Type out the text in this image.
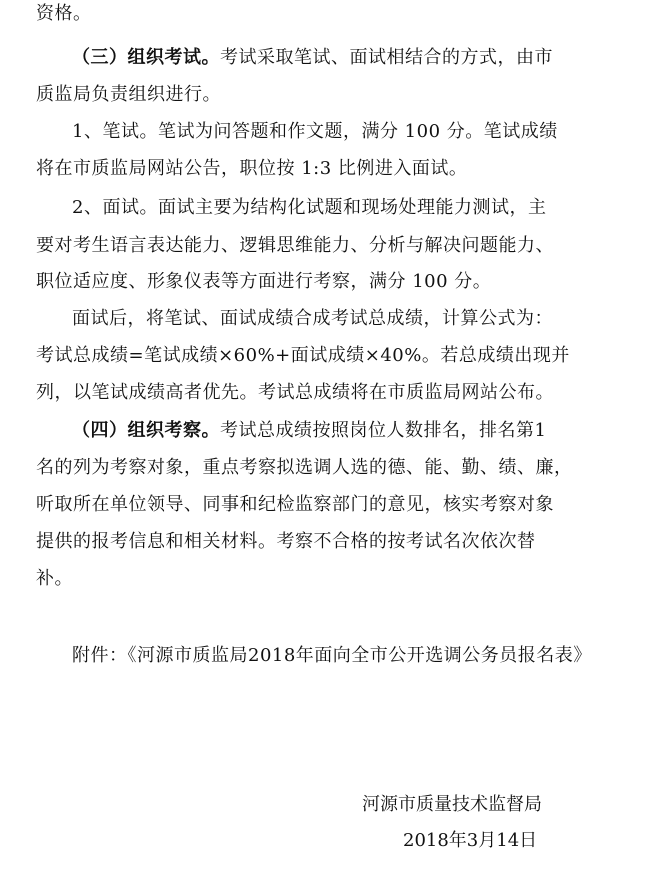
资格。
（三）组织考试。考试采取笔试、面试相结合的方式，由市
质监局负责组织进行。
1、笔试。笔试为问答题和作文题，满分 100 分。笔试成绩
将在市质监局网站公告，职位按 1:3 比例进入面试。
2、面试。面试主要为结构化试题和现场处理能力测试，主
要对考生语言表达能力、逻辑思维能力、分析与解决问题能力、
职位适应度、形象仪表等方面进行考察，满分 100 分。
面试后，将笔试、面试成绩合成考试总成绩，计算公式为：
考试总成绩=笔试成绩×60%+面试成绩×40%。若总成绩出现并
列，以笔试成绩高者优先。考试总成绩将在市质监局网站公布。
（四）组织考察。考试总成绩按照岗位人数排名，排名第1
名的列为考察对象，重点考察拟选调人选的德、能、勤、绩、廉，
听取所在单位领导、同事和纪检监察部门的意见，核实考察对象
提供的报考信息和相关材料。考察不合格的按考试名次依次替
补。
附件：《河源市质监局2018年面向全市公开选调公务员报名表》
河源市质量技术监督局
2018年3月14日
